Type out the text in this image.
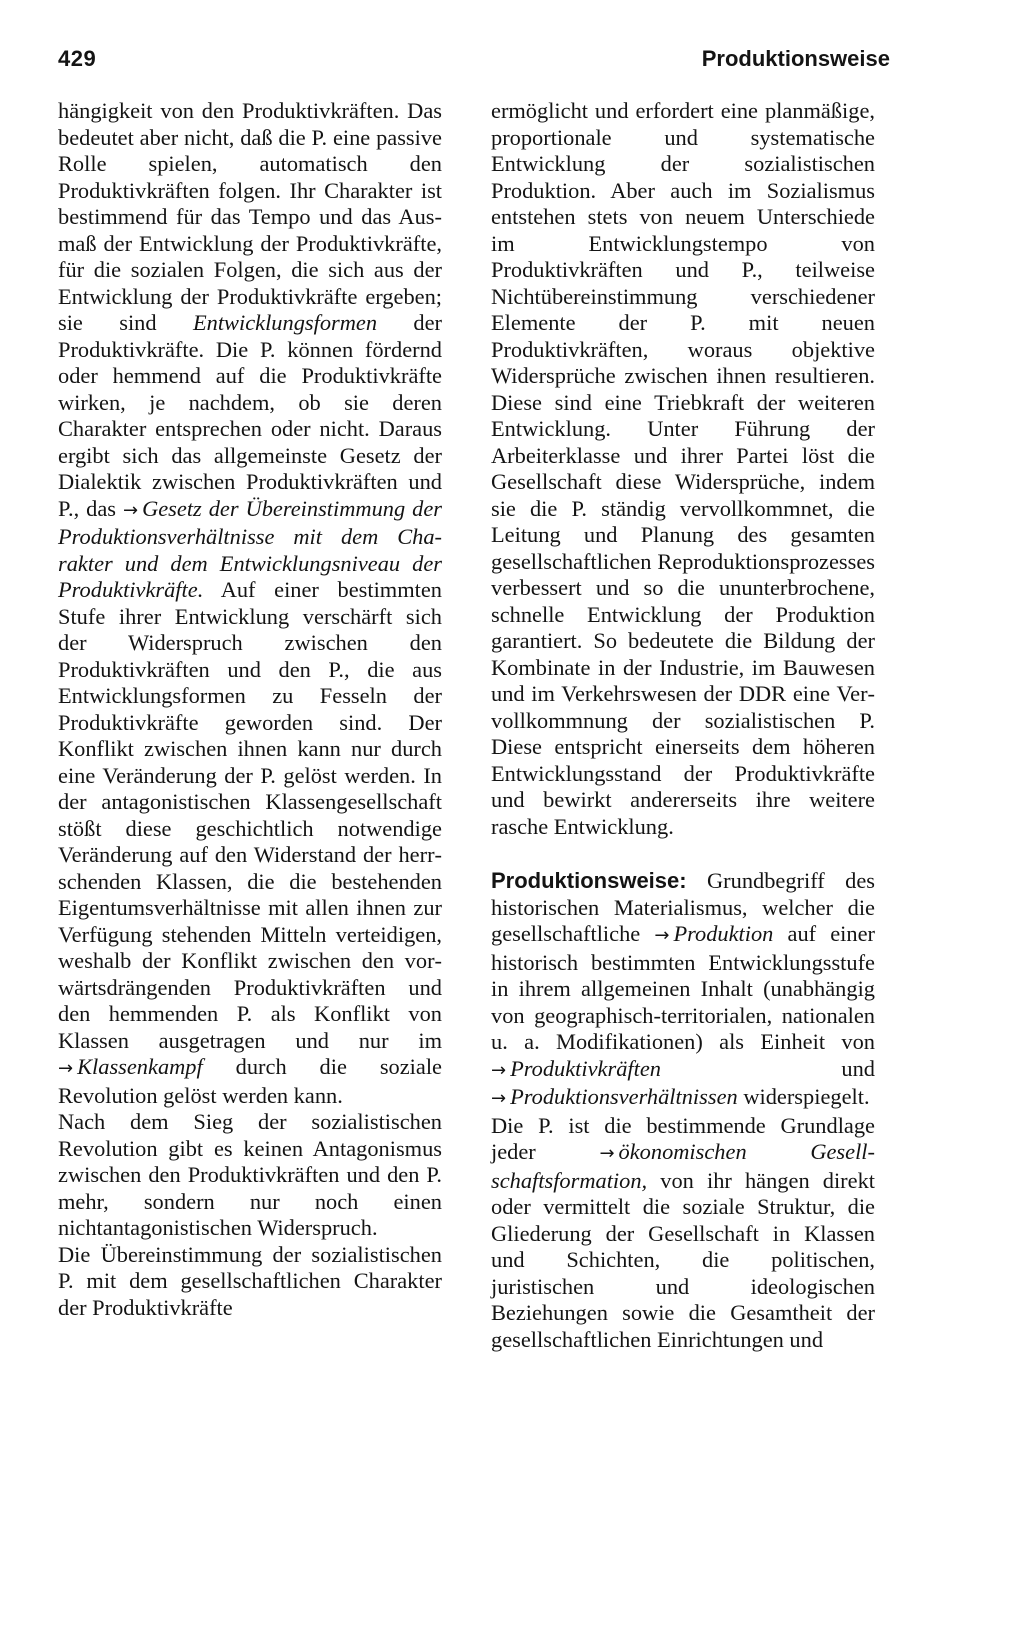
429	Produktionsweise

hängigkeit von den Produktivkräften. Das bedeutet aber nicht, daß die P. eine passive Rolle spielen, automatisch den Produktivkräften folgen. Ihr Charakter ist bestimmend für das Tempo und das Ausmaß der Entwicklung der Produktivkräfte, für die sozialen Folgen, die sich aus der Entwicklung der Produktivkräfte ergeben; sie sind Entwicklungsformen der Produktivkräfte. Die P. können fördernd oder hemmend auf die Produktivkräfte wirken, je nachdem, ob sie deren Charakter entsprechen oder nicht. Daraus ergibt sich das allgemeinste Gesetz der Dialektik zwischen Produktivkräften und P., das → Gesetz der Übereinstimmung der Produktionsverhältnisse mit dem Charakter und dem Entwicklungsniveau der Produktivkräfte. Auf einer bestimmten Stufe ihrer Entwicklung verschärft sich der Widerspruch zwischen den Produktivkräften und den P., die aus Entwicklungsformen zu Fesseln der Produktivkräfte geworden sind. Der Konflikt zwischen ihnen kann nur durch eine Veränderung der P. gelöst werden. In der antagonistischen Klassengesellschaft stößt diese geschichtlich notwendige Veränderung auf den Widerstand der herrschenden Klassen, die die bestehenden Eigentumsverhältnisse mit allen ihnen zur Verfügung stehenden Mitteln verteidigen, weshalb der Konflikt zwischen den vorwärtsdrängenden Produktivkräften und den hemmenden P. als Konflikt von Klassen ausgetragen und nur im → Klassenkampf durch die soziale Revolution gelöst werden kann.

Nach dem Sieg der sozialistischen Revolution gibt es keinen Antagonismus zwischen den Produktivkräften und den P. mehr, sondern nur noch einen nichtantagonistischen Widerspruch.

Die Übereinstimmung der sozialistischen P. mit dem gesellschaftlichen Charakter der Produktivkräfte

ermöglicht und erfordert eine planmäßige, proportionale und systematische Entwicklung der sozialistischen Produktion. Aber auch im Sozialismus entstehen stets von neuem Unterschiede im Entwicklungstempo von Produktivkräften und P., teilweise Nichtübereinstimmung verschiedener Elemente der P. mit neuen Produktivkräften, woraus objektive Widersprüche zwischen ihnen resultieren. Diese sind eine Triebkraft der weiteren Entwicklung. Unter Führung der Arbeiterklasse und ihrer Partei löst die Gesellschaft diese Widersprüche, indem sie die P. ständig vervollkommnet, die Leitung und Planung des gesamten gesellschaftlichen Reproduktionsprozesses verbessert und so die ununterbrochene, schnelle Entwicklung der Produktion garantiert. So bedeutete die Bildung der Kombinate in der Industrie, im Bauwesen und im Verkehrswesen der DDR eine Vervollkommnung der sozialistischen P. Diese entspricht einerseits dem höheren Entwicklungsstand der Produktivkräfte und bewirkt andererseits ihre weitere rasche Entwicklung.

Produktionsweise: Grundbegriff des historischen Materialismus, welcher die gesellschaftliche → Produktion auf einer historisch bestimmten Entwicklungsstufe in ihrem allgemeinen Inhalt (unabhängig von geographisch-territorialen, nationalen u. a. Modifikationen) als Einheit von → Produktivkräften	und → Produktionsverhältnissen widerspiegelt.

Die P. ist die bestimmende Grundlage jeder	→ ökonomischen Gesellschaftsformation, von ihr hängen direkt oder vermittelt die soziale Struktur, die Gliederung der Gesellschaft in Klassen und Schichten, die politischen, juristischen und ideologischen Beziehungen sowie die Gesamtheit der gesellschaftlichen Einrichtungen und
